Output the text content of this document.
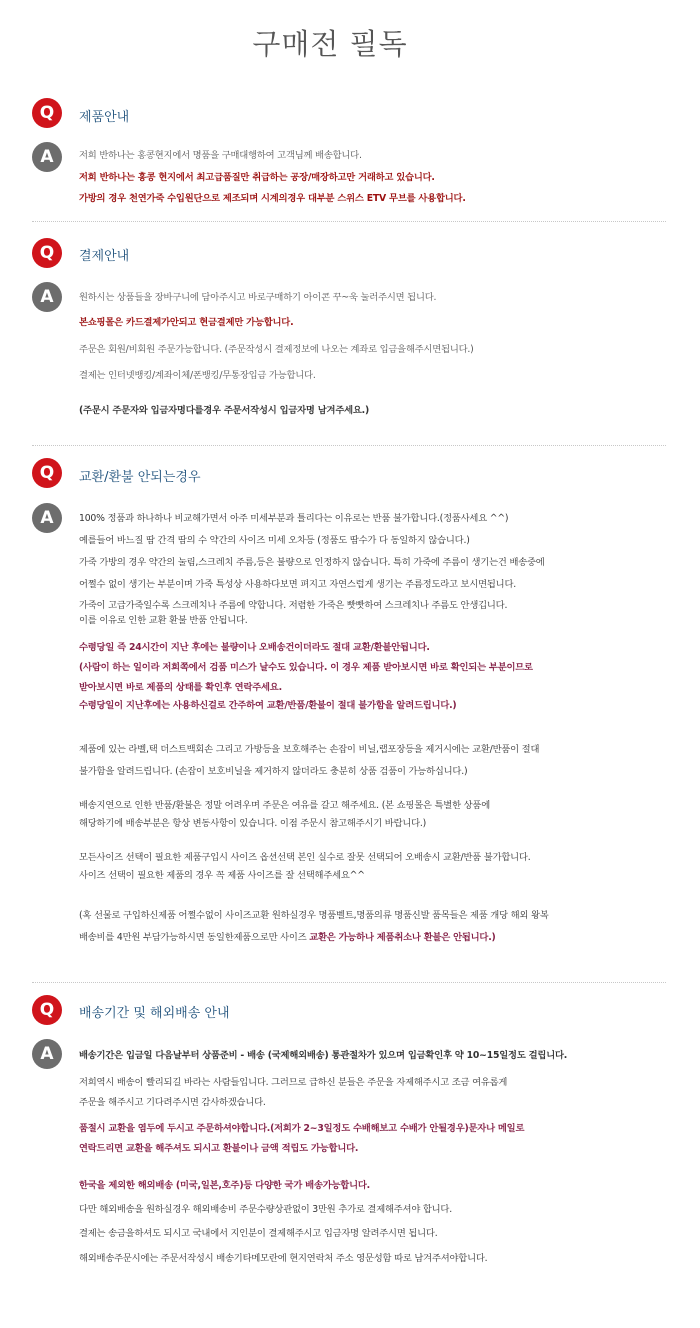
구매전 필독
Q	제품안내
A	저희 반하나는 홍콩현지에서 명품을 구매대행하여 고객님께 배송합니다.
저희 반하나는 홍콩 현지에서 최고급품질만 취급하는 공장/매장하고만 거래하고 있습니다.
가방의 경우 천연가죽 수입원단으로 제조되며 시계의경우 대부분 스위스 ETV 무브를 사용합니다.
Q	결제안내
A	원하시는 상품들을 장바구니에 담아주시고 바로구매하기 아이콘 꾸~욱 눌러주시면 됩니다.
본쇼핑몰은 카드결제가안되고 현금결제만 가능합니다.
주문은 회원/비회원 주문가능합니다. (주문작성시 결제정보에 나오는 계좌로 입금을해주시면됩니다.)
결제는 인터넷뱅킹/계좌이체/폰뱅킹/무통장입금 가능합니다.
(주문시 주문자와 입금자명다를경우 주문서작성시 입금자명 남겨주세요.)
Q	교환/환불 안되는경우
A	100% 정품과 하나하나 비교해가면서 아주 미세부분과 틀리다는 이유로는 반품 불가합니다.(정품사세요 ^^)
예를들어 바느질 땀 간격 땀의 수 약간의 사이즈 미세 오차등 (정품도 땀수가 다 동일하지 않습니다.)
가죽 가방의 경우 약간의 눌림,스크레치 주름,등은 불량으로 인정하지 않습니다. 특히 가죽에 주름이 생기는건 배송중에
어쩔수 없이 생기는 부분이며 가죽 특성상 사용하다보면 펴지고 자연스럽게 생기는 주름정도라고 보시면됩니다.
가죽이 고급가죽일수록 스크레치나 주름에 약합니다. 저렴한 가죽은 빳빳하여 스크레치나 주름도 안생깁니다.
이를 이유로 인한 교환 환불 반품 안됩니다.
수령당일 즉 24시간이 지난 후에는 불량이나 오배송건이더라도 절대 교환/환불안됩니다.
(사람이 하는 일이라 저희쪽에서 검품 미스가 날수도 있습니다. 이 경우 제품 받아보시면 바로 확인되는 부분이므로
받아보시면 바로 제품의 상태를 확인후 연락주세요.
수령당일이 지난후에는 사용하신걸로 간주하여 교환/반품/환불이 절대 불가함을 알려드립니다.)
제품에 있는 라벨,택 더스트백회손 그리고 가방등을 보호해주는 손잡이 비닐,랩포장등을 제거시에는 교환/반품이 절대
불가함을 알려드립니다. (손잡이 보호비닐을 제거하지 않더라도 충분히 상품 검품이 가능하십니다.)
배송지연으로 인한 반품/환불은 정말 어려우며 주문은 여유를 갈고 해주세요. (본 쇼핑몰은 특별한 상품에
해당하기에 배송부분은 항상 변동사항이 있습니다. 이점 주문시 참고해주시기 바랍니다.)
모든사이즈 선택이 필요한 제품구입시 사이즈 옵션선택 본인 실수로 잘못 선택되어 오배송시 교환/반품 불가합니다.
사이즈 선택이 필요한 제품의 경우 꼭 제품 사이즈를 잘 선택해주세요^^
(혹 선물로 구입하신제품 어쩔수없이 사이즈교환 원하실경우 명품벨트,명품의류 명품신발 품목들은 제품 개당 해외 왕복
배송비를 4만원 부담가능하시면 동일한제품으로만 사이즈 교환은 가능하나 제품취소나 환불은 안됩니다.)
Q	배송기간 및 해외배송 안내
A	배송기간은 입금일 다음날부터 상품준비 - 배송 (국제해외배송) 통관절차가 있으며 입금확인후 약 10~15일정도 걸립니다.
저희역시 배송이 빨리되길 바라는 사람들입니다. 그러므로 급하신 분들은 주문을 자제해주시고 조금 여유롭게
주문을 해주시고 기다려주시면 감사하겠습니다.
품절시 교환을 염두에 두시고 주문하셔야합니다.(저희가 2~3일정도 수배해보고 수배가 안될경우)문자나 메일로
연락드리면 교환을 해주셔도 되시고 환불이나 금액 적립도 가능합니다.
한국을 제외한 해외배송 (미국,일본,호주)등 다양한 국가 배송가능합니다.
다만 해외배송을 원하실경우 해외배송비 주문수량상관없이 3만원 추가로 결제해주셔야 합니다.
결제는 송금을하셔도 되시고 국내에서 지인분이 결제해주시고 입금자명 알려주시면 됩니다.
해외배송주문시에는 주문서작성시 배송기타메모란에 현지연락처 주소 영문성함 따로 남겨주셔야합니다.
